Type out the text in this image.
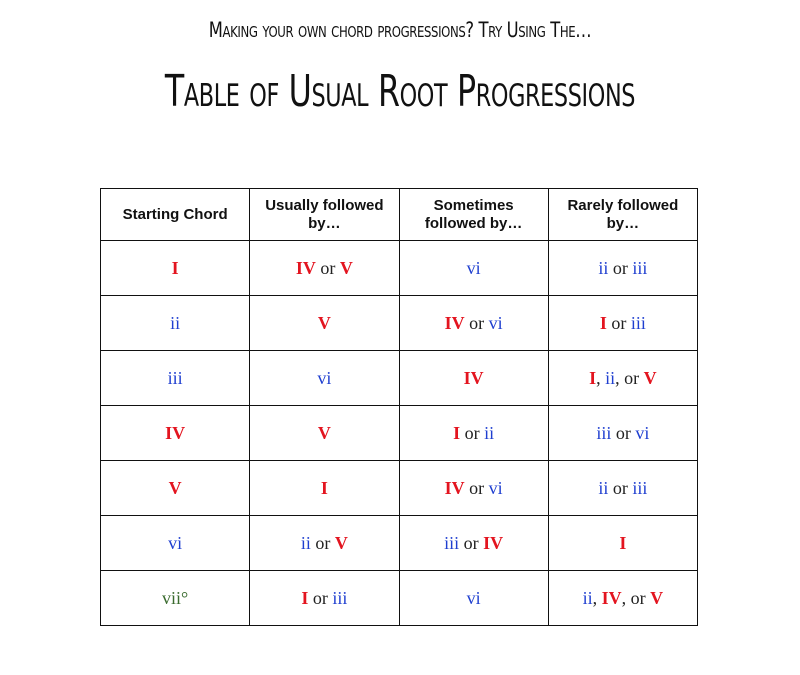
Making your own chord progressions? Try Using The…
Table of Usual Root Progressions
Starting Chord	Usually followed by…	Sometimes followed by…	Rarely followed by…
I	IV or V	vi	ii or iii
ii	V	IV or vi	I or iii
iii	vi	IV	I, ii, or V
IV	V	I or ii	iii or vi
V	I	IV or vi	ii or iii
vi	ii or V	iii or IV	I
vii°	I or iii	vi	ii, IV, or V
